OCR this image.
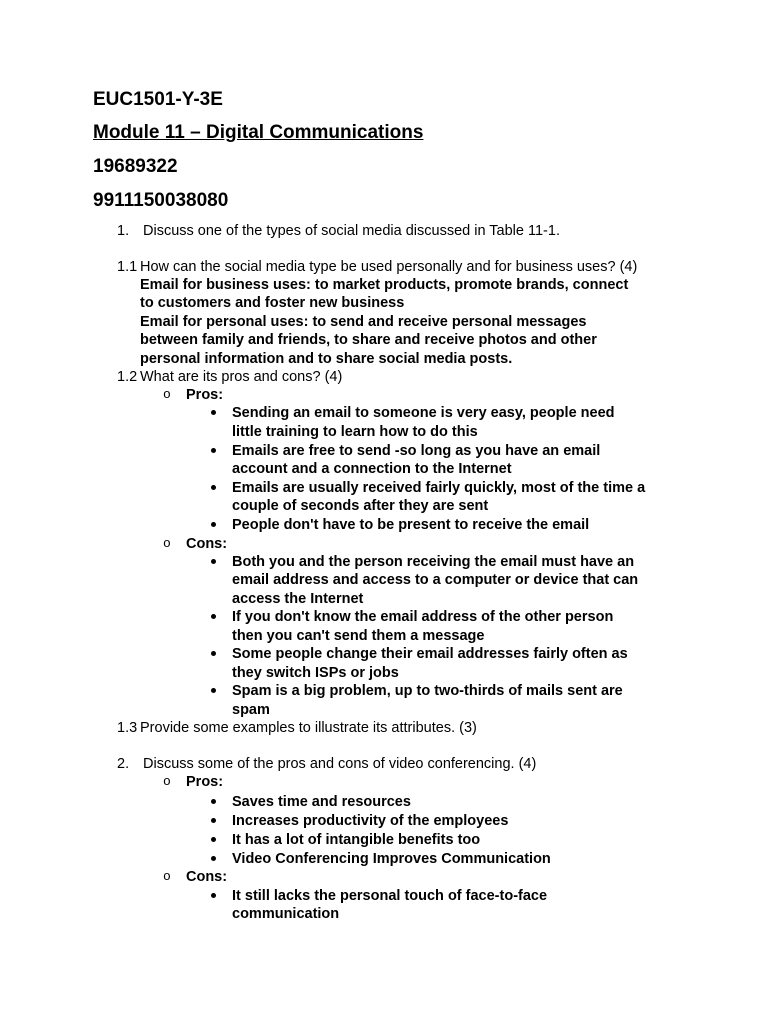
EUC1501-Y-3E
Module 11 – Digital Communications
19689322
9911150038080
1. Discuss one of the types of social media discussed in Table 11-1.
1.1 How can the social media type be used personally and for business uses? (4)
Email for business uses: to market products, promote brands, connect
to customers and foster new business
Email for personal uses: to send and receive personal messages
between family and friends, to share and receive photos and other
personal information and to share social media posts.
1.2 What are its pros and cons? (4)
o Pros:
Sending an email to someone is very easy, people need
little training to learn how to do this
Emails are free to send -so long as you have an email
account and a connection to the Internet
Emails are usually received fairly quickly, most of the time a
couple of seconds after they are sent
People don't have to be present to receive the email
o Cons:
Both you and the person receiving the email must have an
email address and access to a computer or device that can
access the Internet
If you don't know the email address of the other person
then you can't send them a message
Some people change their email addresses fairly often as
they switch ISPs or jobs
Spam is a big problem, up to two-thirds of mails sent are
spam
1.3 Provide some examples to illustrate its attributes. (3)
2. Discuss some of the pros and cons of video conferencing. (4)
o Pros:
Saves time and resources
Increases productivity of the employees
It has a lot of intangible benefits too
Video Conferencing Improves Communication
o Cons:
It still lacks the personal touch of face-to-face
communication
